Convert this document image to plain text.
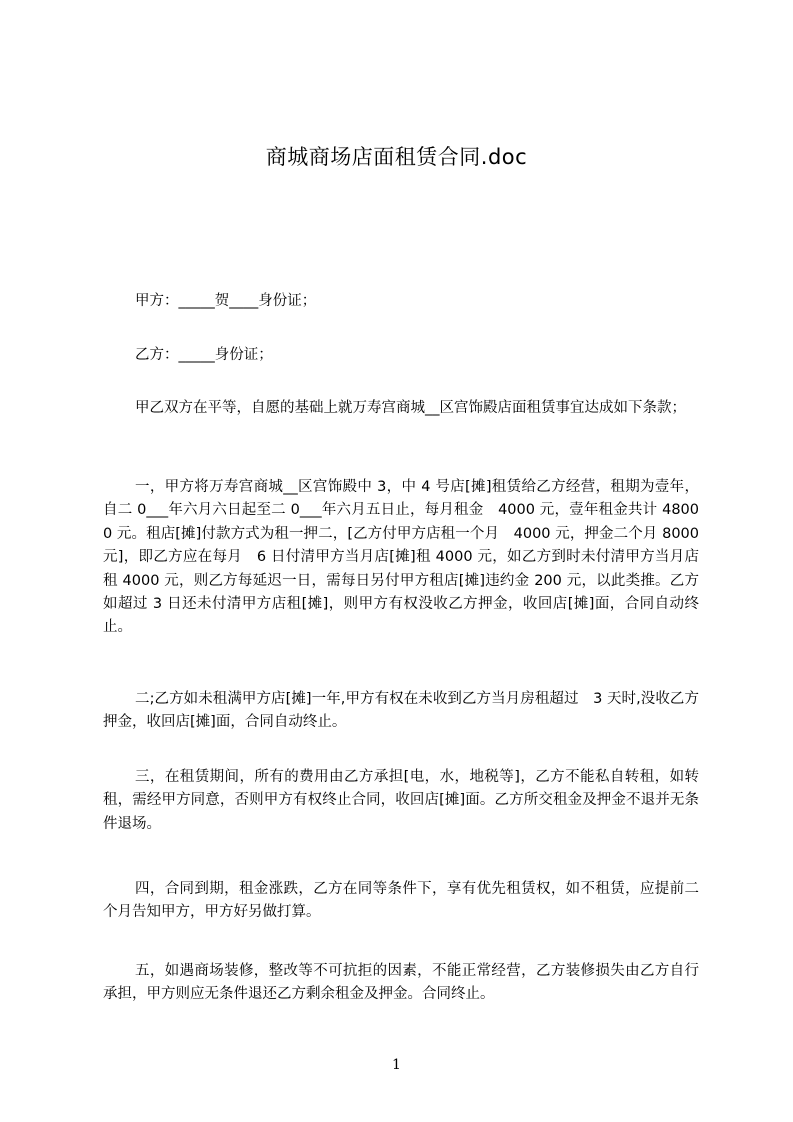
商城商场店面租赁合同.doc

甲方：_____贺____身份证；

乙方：_____身份证；

甲乙双方在平等，自愿的基础上就万寿宫商城__区宫饰殿店面租赁事宜达成如下条款；

一，甲方将万寿宫商城__区宫饰殿中 3，中 4 号店[摊]租赁给乙方经营，租期为壹年，自二 0___年六月六日起至二 0___年六月五日止，每月租金　4000 元，壹年租金共计 48000 元。租店[摊]付款方式为租一押二，[乙方付甲方店租一个月　4000 元，押金二个月 8000 元]，即乙方应在每月　6 日付清甲方当月店[摊]租 4000 元，如乙方到时未付清甲方当月店租 4000 元，则乙方每延迟一日，需每日另付甲方租店[摊]违约金 200 元，以此类推。乙方如超过 3 日还未付清甲方店租[摊]，则甲方有权没收乙方押金，收回店[摊]面，合同自动终止。

二;乙方如未租满甲方店[摊]一年,甲方有权在未收到乙方当月房租超过　3 天时,没收乙方押金，收回店[摊]面，合同自动终止。

三，在租赁期间，所有的费用由乙方承担[电，水，地税等]，乙方不能私自转租，如转租，需经甲方同意，否则甲方有权终止合同，收回店[摊]面。乙方所交租金及押金不退并无条件退场。

四，合同到期，租金涨跌，乙方在同等条件下，享有优先租赁权，如不租赁，应提前二个月告知甲方，甲方好另做打算。

五，如遇商场装修，整改等不可抗拒的因素，不能正常经营，乙方装修损失由乙方自行承担，甲方则应无条件退还乙方剩余租金及押金。合同终止。

1
